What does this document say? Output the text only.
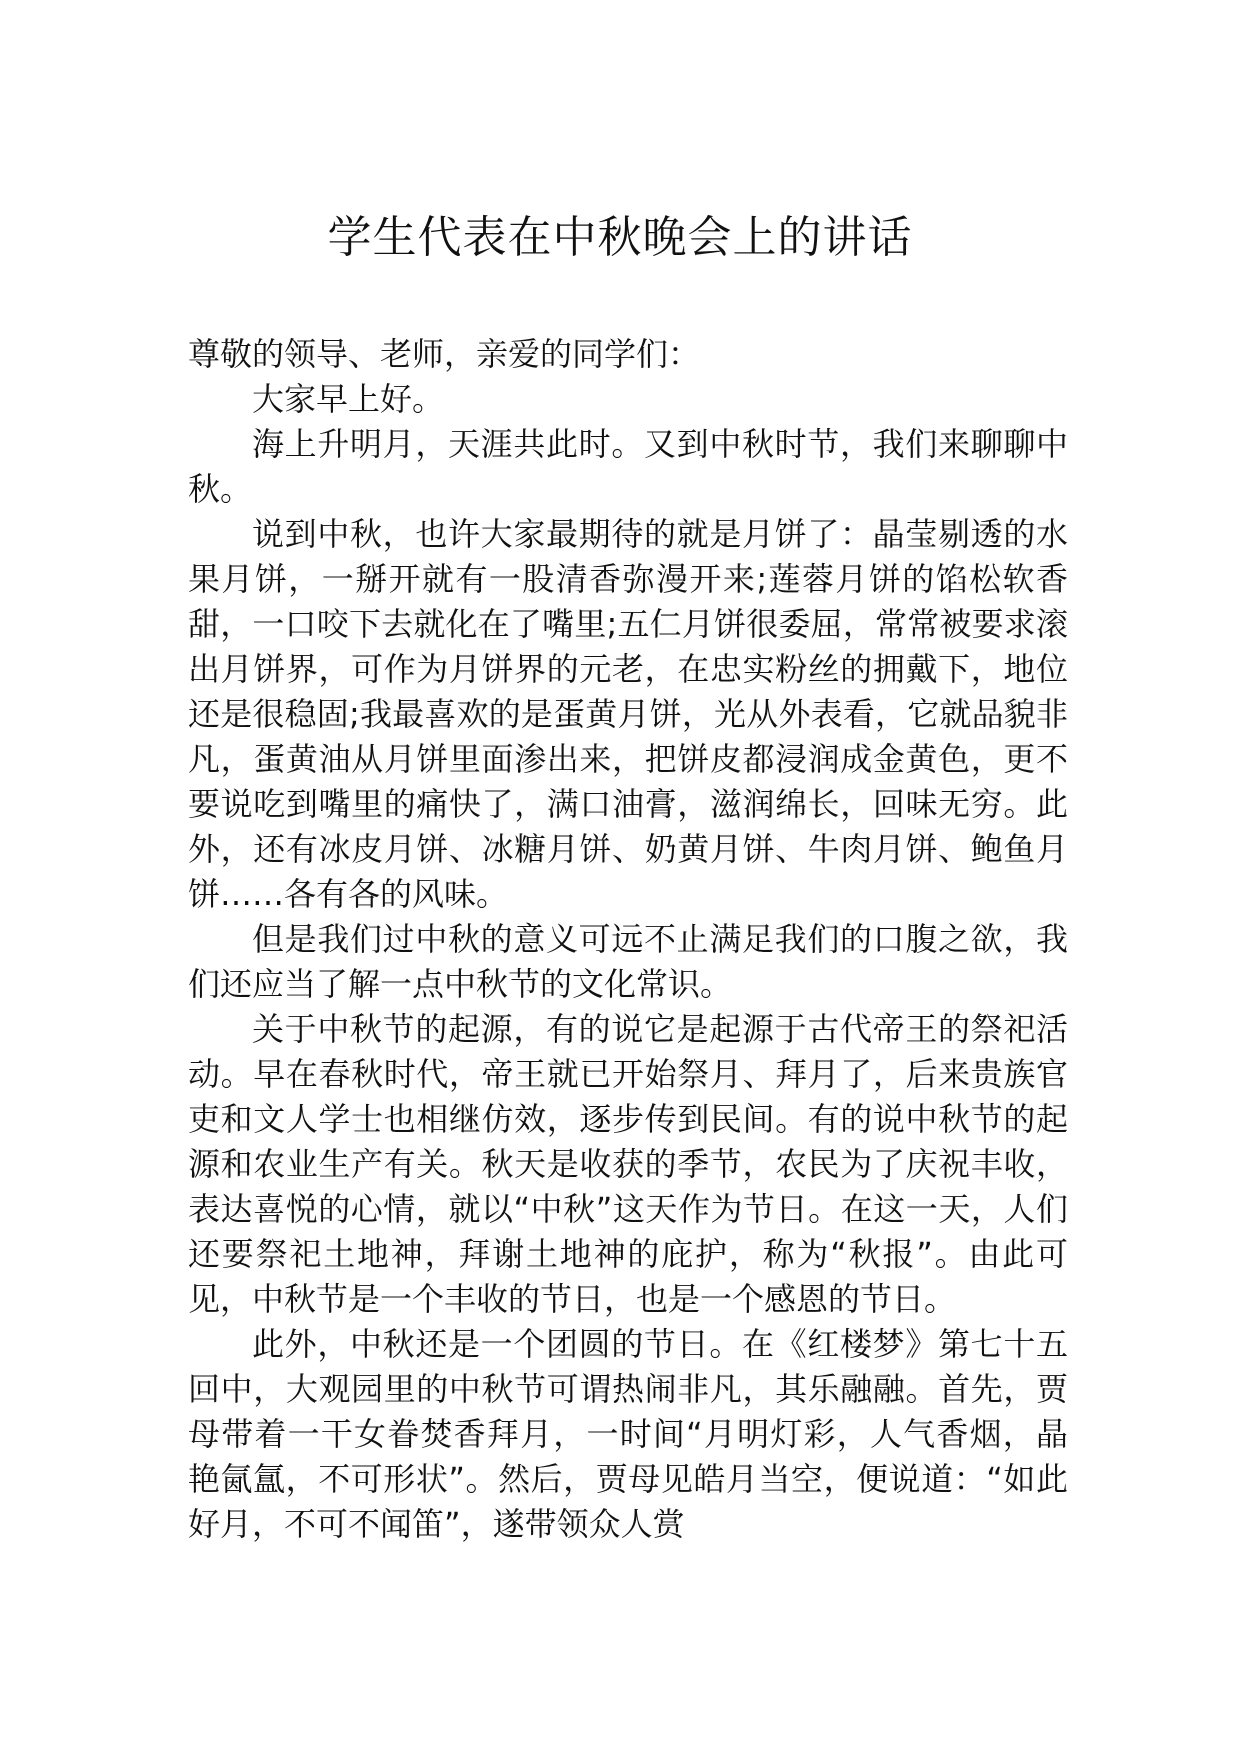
学生代表在中秋晚会上的讲话

尊敬的领导、老师，亲爱的同学们：

大家早上好。

海上升明月，天涯共此时。又到中秋时节，我们来聊聊中秋。

说到中秋，也许大家最期待的就是月饼了：晶莹剔透的水果月饼，一掰开就有一股清香弥漫开来;莲蓉月饼的馅松软香甜，一口咬下去就化在了嘴里;五仁月饼很委屈，常常被要求滚出月饼界，可作为月饼界的元老，在忠实粉丝的拥戴下，地位还是很稳固;我最喜欢的是蛋黄月饼，光从外表看，它就品貌非凡，蛋黄油从月饼里面渗出来，把饼皮都浸润成金黄色，更不要说吃到嘴里的痛快了，满口油膏，滋润绵长，回味无穷。此外，还有冰皮月饼、冰糖月饼、奶黄月饼、牛肉月饼、鲍鱼月饼……各有各的风味。

但是我们过中秋的意义可远不止满足我们的口腹之欲，我们还应当了解一点中秋节的文化常识。

关于中秋节的起源，有的说它是起源于古代帝王的祭祀活动。早在春秋时代，帝王就已开始祭月、拜月了，后来贵族官吏和文人学士也相继仿效，逐步传到民间。有的说中秋节的起源和农业生产有关。秋天是收获的季节，农民为了庆祝丰收，表达喜悦的心情，就以“中秋”这天作为节日。在这一天，人们还要祭祀土地神，拜谢土地神的庇护，称为“秋报”。由此可见，中秋节是一个丰收的节日，也是一个感恩的节日。

此外，中秋还是一个团圆的节日。在《红楼梦》第七十五回中，大观园里的中秋节可谓热闹非凡，其乐融融。首先，贾母带着一干女眷焚香拜月，一时间“月明灯彩，人气香烟，晶艳氤氲，不可形状”。然后，贾母见皓月当空，便说道：“如此好月，不可不闻笛”，遂带领众人赏
